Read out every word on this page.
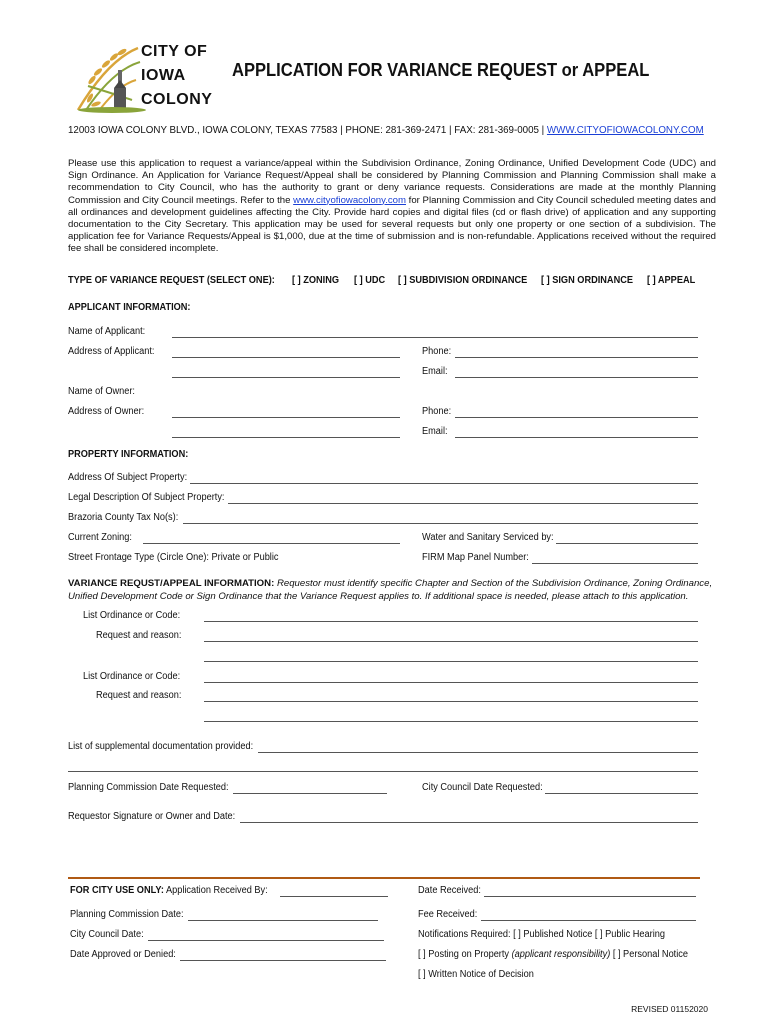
CITY OF
IOWA
COLONY
APPLICATION FOR VARIANCE REQUEST or APPEAL
12003 IOWA COLONY BLVD., IOWA COLONY, TEXAS 77583 | PHONE: 281-369-2471 | FAX: 281-369-0005 | WWW.CITYOFIOWACOLONY.COM
Please use this application to request a variance/appeal within the Subdivision Ordinance, Zoning Ordinance, Unified Development Code (UDC) and Sign Ordinance. An Application for Variance Request/Appeal shall be considered by Planning Commission and Planning Commission shall make a recommendation to City Council, who has the authority to grant or deny variance requests. Considerations are made at the monthly Planning Commission and City Council meetings. Refer to the www.cityofiowacolony.com for Planning Commission and City Council scheduled meeting dates and all ordinances and development guidelines affecting the City. Provide hard copies and digital files (cd or flash drive) of application and any supporting documentation to the City Secretary. This application may be used for several requests but only one property or one section of a subdivision. The application fee for Variance Requests/Appeal is $1,000, due at the time of submission and is non-refundable. Applications received without the required fee shall be considered incomplete.
TYPE OF VARIANCE REQUEST (SELECT ONE): [ ] ZONING [ ] UDC [ ] SUBDIVISION ORDINANCE [ ] SIGN ORDINANCE [ ] APPEAL
APPLICANT INFORMATION:
Name of Applicant:
Address of Applicant:	Phone:
Email:
Name of Owner:
Address of Owner:	Phone:
Email:
PROPERTY INFORMATION:
Address Of Subject Property:
Legal Description Of Subject Property:
Brazoria County Tax No(s):
Current Zoning:	Water and Sanitary Serviced by:
Street Frontage Type (Circle One): Private or Public	FIRM Map Panel Number:
VARIANCE REQUST/APPEAL INFORMATION: Requestor must identify specific Chapter and Section of the Subdivision Ordinance, Zoning Ordinance, Unified Development Code or Sign Ordinance that the Variance Request applies to. If additional space is needed, please attach to this application.
List Ordinance or Code:
Request and reason:
List Ordinance or Code:
Request and reason:
List of supplemental documentation provided:
Planning Commission Date Requested:	City Council Date Requested:
Requestor Signature or Owner and Date:
FOR CITY USE ONLY: Application Received By:	Date Received:
Planning Commission Date:	Fee Received:
City Council Date:	Notifications Required: [ ] Published Notice [ ] Public Hearing
Date Approved or Denied:	[ ] Posting on Property (applicant responsibility) [ ] Personal Notice
[ ] Written Notice of Decision
REVISED 01152020
